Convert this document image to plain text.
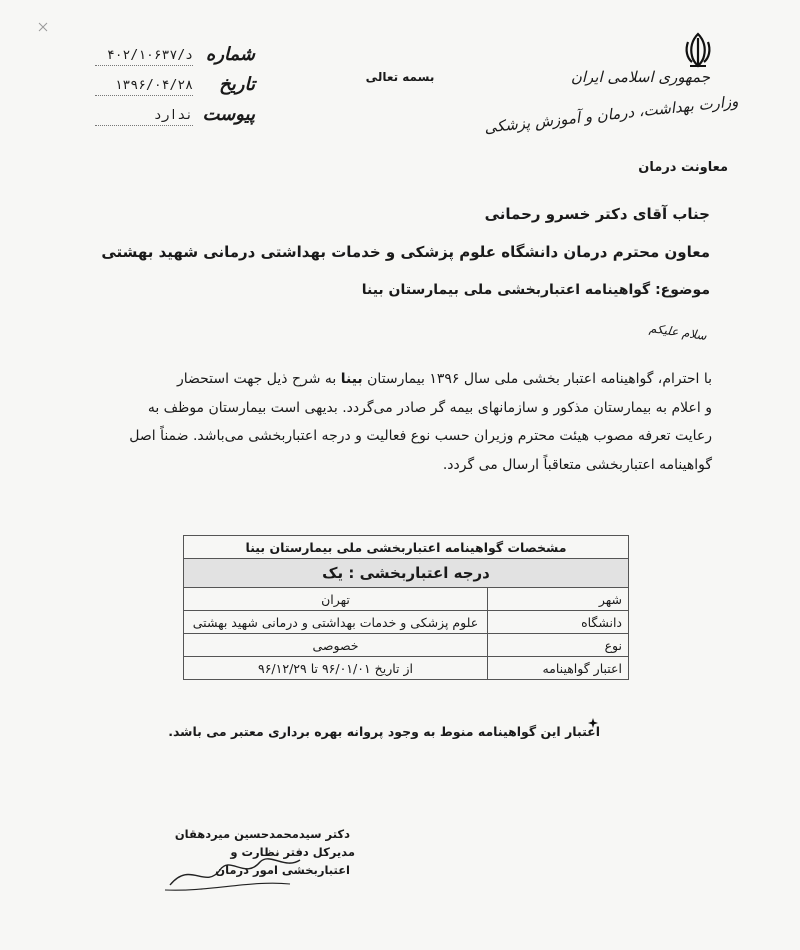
جمهوری اسلامی ایران
وزارت بهداشت، درمان و آموزش پزشکی
معاونت درمان
بسمه تعالی
شماره
۴۰۲/د/۱۰۶۳۷
تاریخ
۱۳۹۶/۰۴/۲۸
پیوست
ندارد
جناب آقای دکتر خسرو رحمانی
معاون محترم درمان دانشگاه علوم پزشکی و خدمات بهداشتی درمانی شهید بهشتی
موضوع: گواهینامه اعتباربخشی ملی بیمارستان بینا
سلام علیکم

با احترام، گواهینامه اعتبار بخشی ملی سال ۱۳۹۶ بیمارستان بینا به شرح ذیل جهت استحضار

و اعلام به بیمارستان مذکور و سازمانهای بیمه گر صادر می‌گردد. بدیهی است بیمارستان موظف به

رعایت تعرفه مصوب هیئت محترم وزیران حسب نوع فعالیت و درجه اعتباربخشی می‌باشد. ضمناً اصل

گواهینامه اعتباربخشی متعاقباً ارسال می گردد.

مشخصات گواهینامه اعتباربخشی ملی بیمارستان بینا	
درجه اعتباربخشی : یک	
شهر	تهران
دانشگاه	علوم پزشکی و خدمات بهداشتی و درمانی شهید بهشتی
نوع	خصوصی
اعتبار گواهینامه	از تاریخ ۹۶/۰۱/۰۱ تا ۹۶/۱۲/۲۹
اعتبار این گواهینامه منوط به وجود پروانه بهره برداری معتبر می باشد.
دکتر سیدمحمدحسین میردهقان
مدیرکل دفتر نظارت و
اعتباربخشی امور درمان
